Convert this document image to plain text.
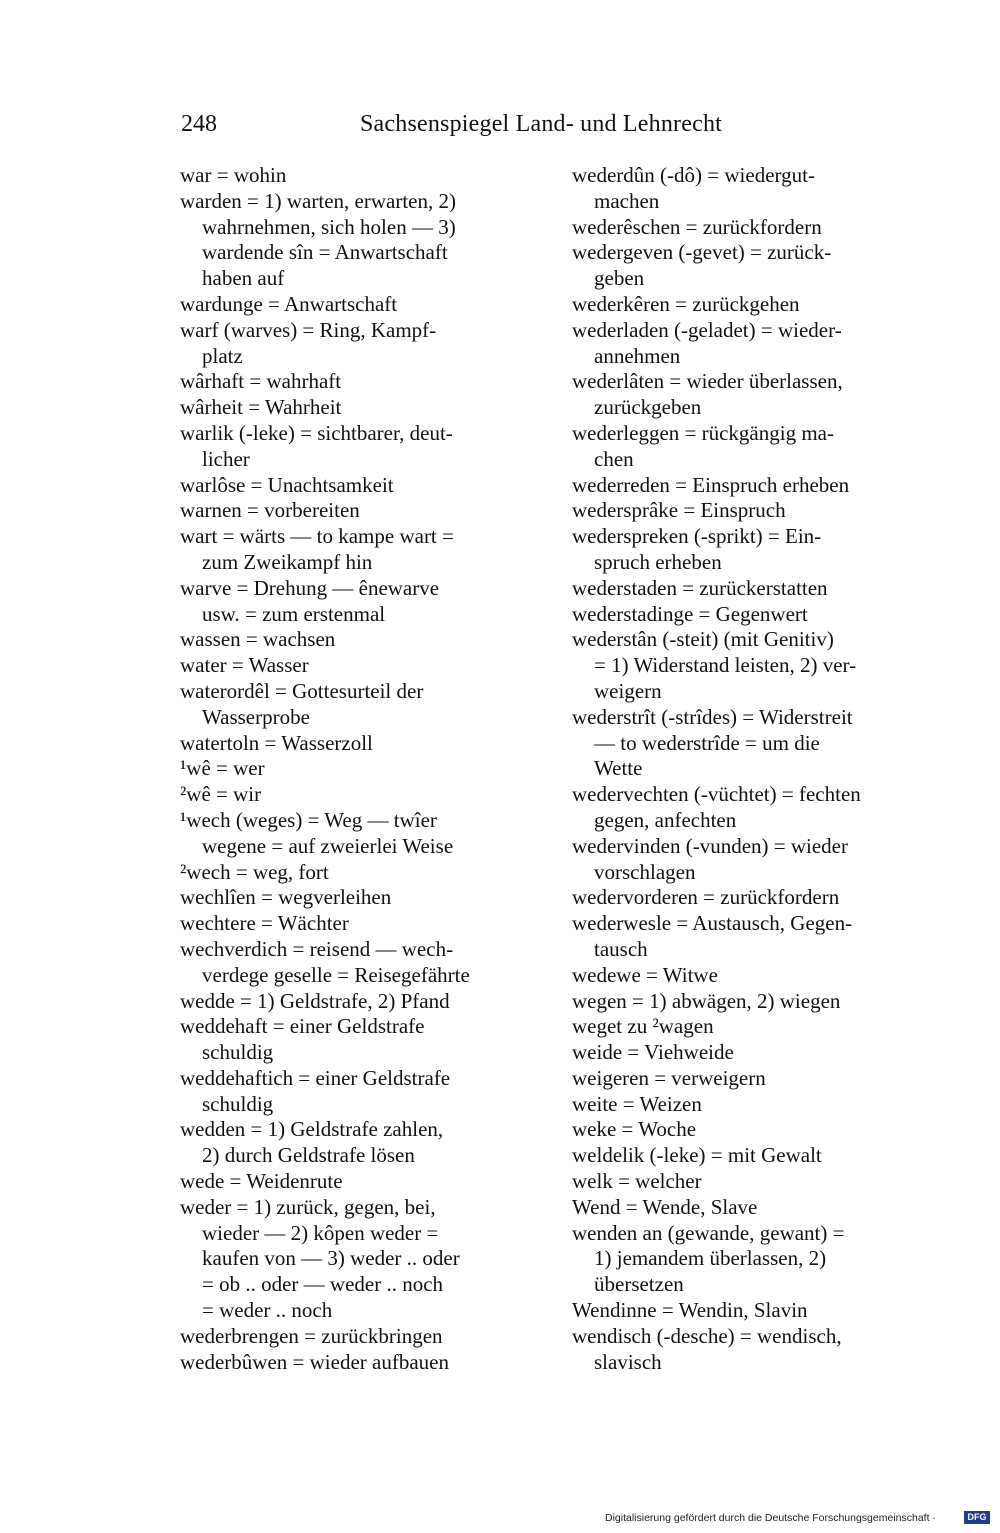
248	Sachsenspiegel Land- und Lehnrecht
war = wohin
warden = 1) warten, erwarten, 2)
wahrnehmen, sich holen — 3)
wardende sîn = Anwartschaft
haben auf
wardunge = Anwartschaft
warf (warves) = Ring, Kampf-
platz
wârhaft = wahrhaft
wârheit = Wahrheit
warlik (-leke) = sichtbarer, deut-
licher
warlôse = Unachtsamkeit
warnen = vorbereiten
wart = wärts — to kampe wart =
zum Zweikampf hin
warve = Drehung — ênewarve
usw. = zum erstenmal
wassen = wachsen
water = Wasser
waterordêl = Gottesurteil der
Wasserprobe
watertoln = Wasserzoll
¹wê = wer
²wê = wir
¹wech (weges) = Weg — twîer
wegene = auf zweierlei Weise
²wech = weg, fort
wechlîen = wegverleihen
wechtere = Wächter
wechverdich = reisend — wech-
verdege geselle = Reisegefährte
wedde = 1) Geldstrafe, 2) Pfand
weddehaft = einer Geldstrafe
schuldig
weddehaftich = einer Geldstrafe
schuldig
wedden = 1) Geldstrafe zahlen,
2) durch Geldstrafe lösen
wede = Weidenrute
weder = 1) zurück, gegen, bei,
wieder — 2) kôpen weder =
kaufen von — 3) weder .. oder
= ob .. oder — weder .. noch
= weder .. noch
wederbrengen = zurückbringen
wederbûwen = wieder aufbauen
wederdûn (-dô) = wiedergut-
machen
wederêschen = zurückfordern
wedergeven (-gevet) = zurück-
geben
wederkêren = zurückgehen
wederladen (-geladet) = wieder-
annehmen
wederlâten = wieder überlassen,
zurückgeben
wederleggen = rückgängig ma-
chen
wederreden = Einspruch erheben
wedersprâke = Einspruch
wederspreken (-sprikt) = Ein-
spruch erheben
wederstaden = zurückerstatten
wederstadinge = Gegenwert
wederstân (-steit) (mit Genitiv)
= 1) Widerstand leisten, 2) ver-
weigern
wederstrît (-strîdes) = Widerstreit
— to wederstrîde = um die
Wette
wedervechten (-vüchtet) = fechten
gegen, anfechten
wedervinden (-vunden) = wieder
vorschlagen
wedervorderen = zurückfordern
wederwesle = Austausch, Gegen-
tausch
wedewe = Witwe
wegen = 1) abwägen, 2) wiegen
weget zu ²wagen
weide = Viehweide
weigeren = verweigern
weite = Weizen
weke = Woche
weldelik (-leke) = mit Gewalt
welk = welcher
Wend = Wende, Slave
wenden an (gewande, gewant) =
1) jemandem überlassen, 2)
übersetzen
Wendinne = Wendin, Slavin
wendisch (-desche) = wendisch,
slavisch
Digitalisierung gefördert durch die Deutsche Forschungsgemeinschaft ·	DFG
